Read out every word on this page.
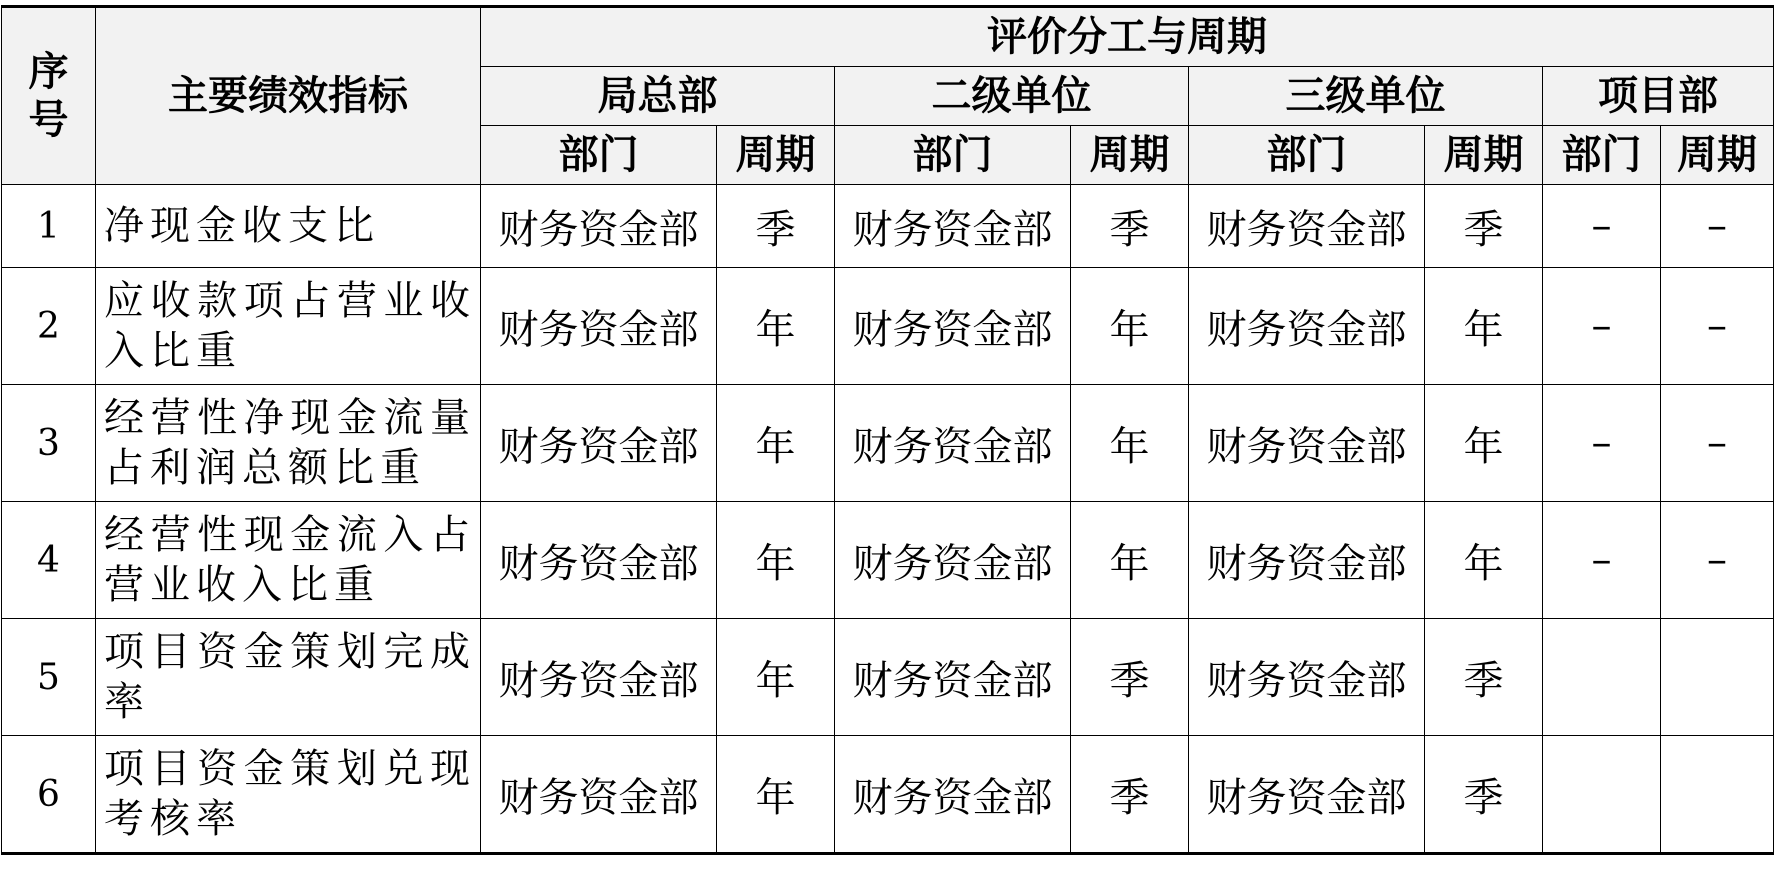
序号	主要绩效指标	评价分工与周期							
		局总部		二级单位		三级单位		项目部	
		部门	周期	部门	周期	部门	周期	部门	周期
1	净现金收支比	财务资金部	季	财务资金部	季	财务资金部	季	–	–
2	应收款项占营业收入比重	财务资金部	年	财务资金部	年	财务资金部	年	–	–
3	经营性净现金流量占利润总额比重	财务资金部	年	财务资金部	年	财务资金部	年	–	–
4	经营性现金流入占营业收入比重	财务资金部	年	财务资金部	年	财务资金部	年	–	–
5	项目资金策划完成率	财务资金部	年	财务资金部	季	财务资金部	季		
6	项目资金策划兑现考核率	财务资金部	年	财务资金部	季	财务资金部	季		
